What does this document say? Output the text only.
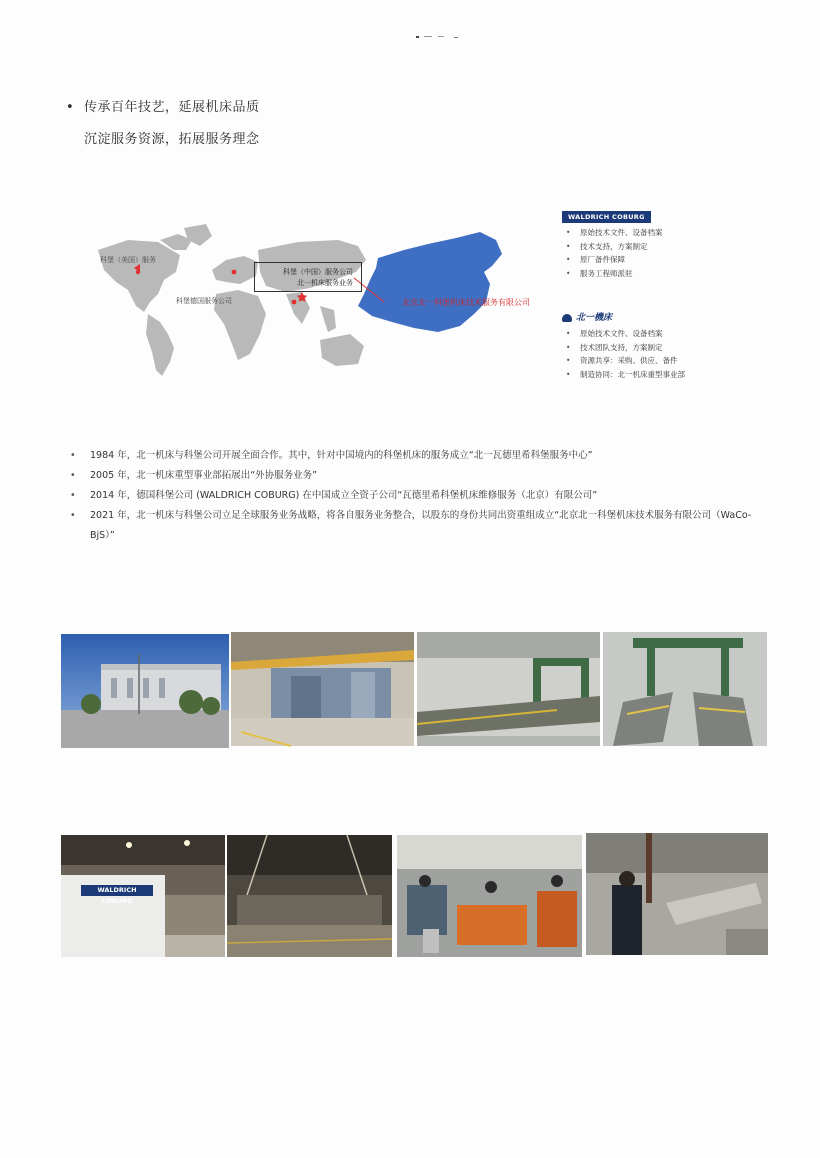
• 传承百年技艺，延展机床品质
沉淀服务资源，拓展服务理念
科堡（美国）服务
科堡德国服务公司
科堡（中国）服务公司
北一机床服务业务
北京北一科堡机床技术服务有限公司
WALDRICH COBURG
• 原始技术文件、设备档案
• 技术支持，方案制定
• 原厂备件保障
• 服务工程师派驻
北一機床
• 原始技术文件、设备档案
• 技术团队支持，方案制定
• 资源共享：采购、供应、备件
• 制造协同：北一机床重型事业部
• 1984 年，北一机床与科堡公司开展全面合作。其中，针对中国境内的科堡机床的服务成立“北一瓦德里希科堡服务中心”
• 2005 年，北一机床重型事业部拓展出“外协服务业务”
• 2014 年，德国科堡公司 (WALDRICH COBURG) 在中国成立全资子公司“瓦德里希科堡机床维修服务（北京）有限公司”
• 2021 年，北一机床与科堡公司立足全球服务业务战略，将各自服务业务整合，以股东的身份共同出资重组成立“北京北一科堡机床技术服务有限公司（WaCo-BjS）”
WALDRICH COBURG
